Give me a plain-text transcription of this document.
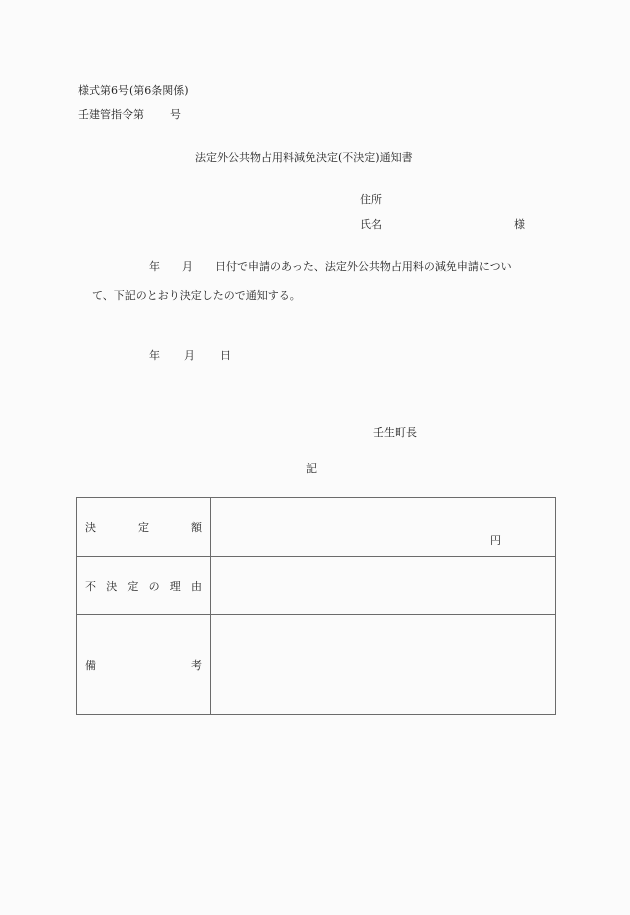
様式第6号(第6条関係)
壬建管指令第 号
法定外公共物占用料減免決定(不決定)通知書
住所
氏名	様
年 月 日付で申請のあった、法定外公共物占用料の減免申請につい
て、下記のとおり決定したので通知する。
年 月 日
壬生町長
記
決 定 額	円

不 決 定 の 理 由

備 考	
